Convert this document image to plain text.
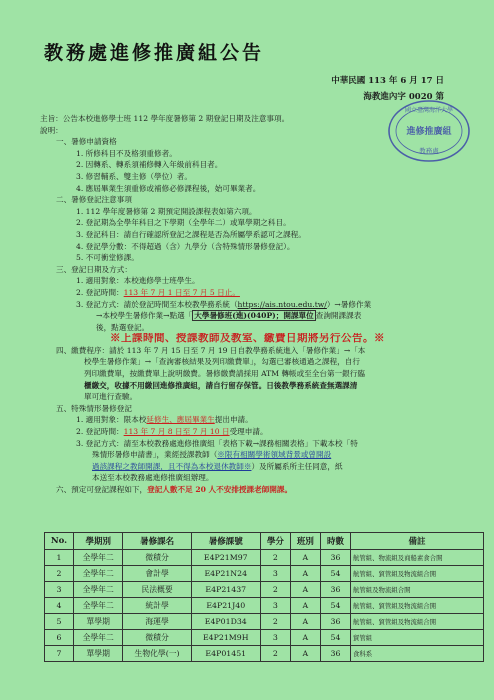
教務處進修推廣組公告
中華民國 113 年 6 月 17 日
海教進內字 0020 第
國立臺灣海洋大學
進修推廣組
教務處
主旨：公告本校進修學士班 112 學年度暑修第 2 期登記日期及注意事項。
說明：
一、暑修申請資格
1. 所修科目不及格須重修者。
2. 因轉系、轉系須補修轉入年級前科目者。
3. 修習輔系、雙主修（學位）者。
4. 應屆畢業生須重修或補修必修課程後，始可畢業者。
二、暑修登記注意事項
1. 112 學年度暑修第 2 期預定開設課程表如第六項。
2. 登記期為全學年科目之下學期（全學年二）或單學期之科目。
3. 登記科目：請自行確認所登記之課程是否為所屬學系認可之課程。
4. 登記學分數：不得超過（含）九學分（含特殊情形暑修登記）。
5. 不可衝堂修課。
三、登記日期及方式：
1. 適用對象：本校進修學士班學生。
2. 登記時間：113 年 7 月 1 日至 7 月 5 日止。
3. 登記方式：請於登記時間至本校教學務系統（https://ais.ntou.edu.tw/）→暑修作業
→本校學生暑修作業→點選「 大學暑修班(進)(040P)；開課單位 查詢開課課表
後，點選登記。
※上課時間、授課教師及教室、繳費日期將另行公告。※
四、繳費程序：請於 113 年 7 月 15 日至 7 月 19 日自教學務系統進入「暑修作業」→「本
校學生暑修作業」→「查詢審核結果及列印繳費單」，勾選已審核通過之課程，自行
列印繳費單，按繳費單上說明繳費。暑修繳費請採用 ATM 轉帳或至全台第一銀行臨
櫃繳交，收據不用繳回進修推廣組，請自行留存保管。日後教學務系統查無選課清
單可進行查驗。
五、特殊情形暑修登記
1. 適用對象：限本校延修生、應屆畢業生提出申請。
2. 登記時間：113 年 7 月 8 日至 7 月 10 日受理申請。
3. 登記方式：請至本校教務處進修推廣組「表格下載→課務相關表格」下載本校「特
殊情形暑修申請書」，業經授課教師（※限有相關學術領域背景或曾開設
過該課程之教師開課，且不得為本校退休教師※）及所屬系所主任同意，紙
本送至本校教務處進修推廣組辦理。
六、預定可登記課程如下，登記人數不足 20 人不安排授課老師開課。
No.	學期別	暑修課名	暑修課號	學分	班別	時數	備註
1	全學年二	微積分	E4P21M97	2	A	36	航管組、物流組及商船素食合開
2	全學年二	會計學	E4P21N24	3	A	54	航管組、貿管組及物流組合開
3	全學年二	民法概要	E4P21437	2	A	36	航管組及物流組合開
4	全學年二	統計學	E4P21J40	3	A	54	航管組、貿管組及物流組合開
5	單學期	海運學	E4P01D34	2	A	36	航管組、貿管組及物流組合開
6	全學年二	微積分	E4P21M9H	3	A	54	貿管組
7	單學期	生物化學(一)	E4P01451	2	A	36	食科系
